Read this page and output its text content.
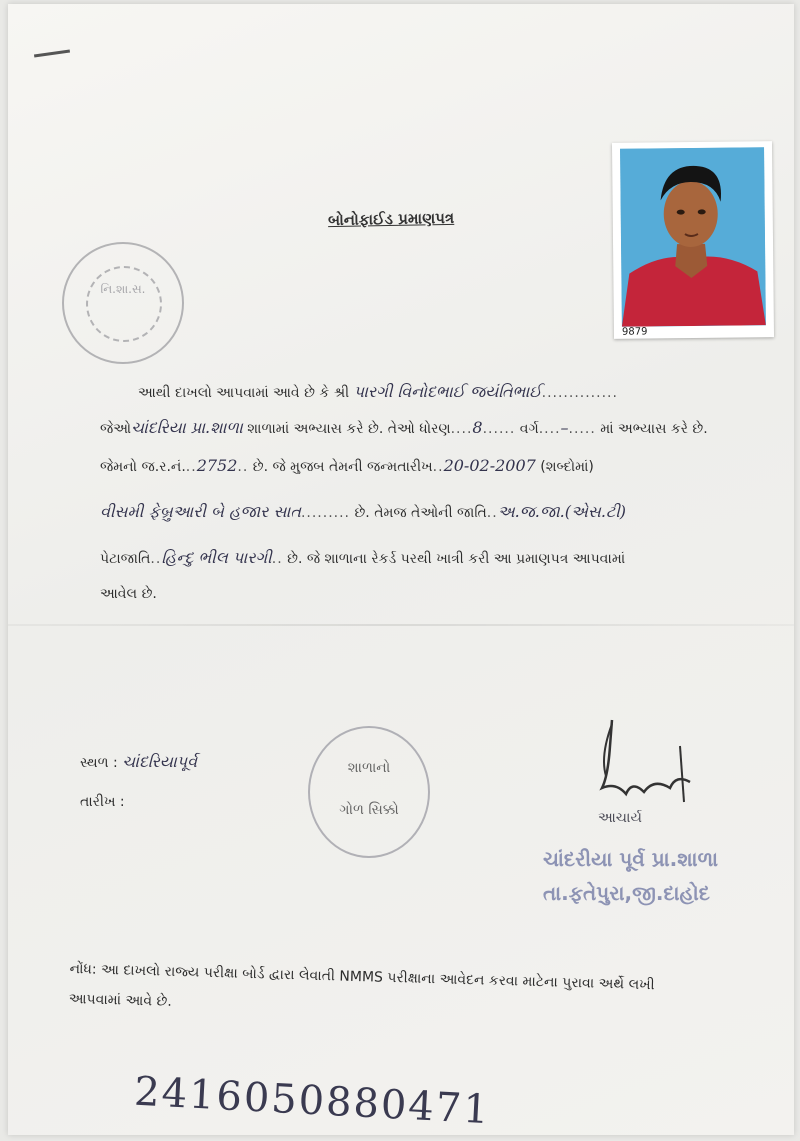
નિ.શા.સ.
બોનોફાઈડ પ્રમાણપત્ર
9879
આથી દાખલો આપવામાં આવે છે કે શ્રી પારગી વિનોદભાઈ જયંતિભાઈ..............
જેઓચાંદરિયા પ્રા.શાળા શાળામાં અભ્યાસ કરે છે. તેઓ ધોરણ....8...... વર્ગ....–..... માં અભ્યાસ કરે છે.
જેમનો જ.ર.નં...2752.. છે. જે મુજબ તેમની જન્મતારીખ..20-02-2007 (શબ્દોમાં)
વીસમી ફેબ્રુઆરી બે હજાર સાત......... છે. તેમજ તેઓની જાતિ..અ.જ.જા.(એસ.ટી)
પેટાજાતિ..હિન્દુ ભીલ પારગી.. છે. જે શાળાના રેકર્ડ પરથી ખાત્રી કરી આ પ્રમાણપત્ર આપવામાં
આવેલ છે.
સ્થળ : ચાંદરિયાપૂર્વ
તારીખ :
શાળાનો
ગોળ સિક્કો	આચાર્ય
ચાંદરીયા પૂર્વ પ્રા.શાળા
તા.ફતેપુરા,જી.દાહોદ
નોંધ: આ દાખલો રાજ્ય પરીક્ષા બોર્ડ દ્વારા લેવાતી NMMS પરીક્ષાના આવેદન કરવા માટેના પુરાવા અર્થે લખી
આપવામાં આવે છે.
2416050880471
